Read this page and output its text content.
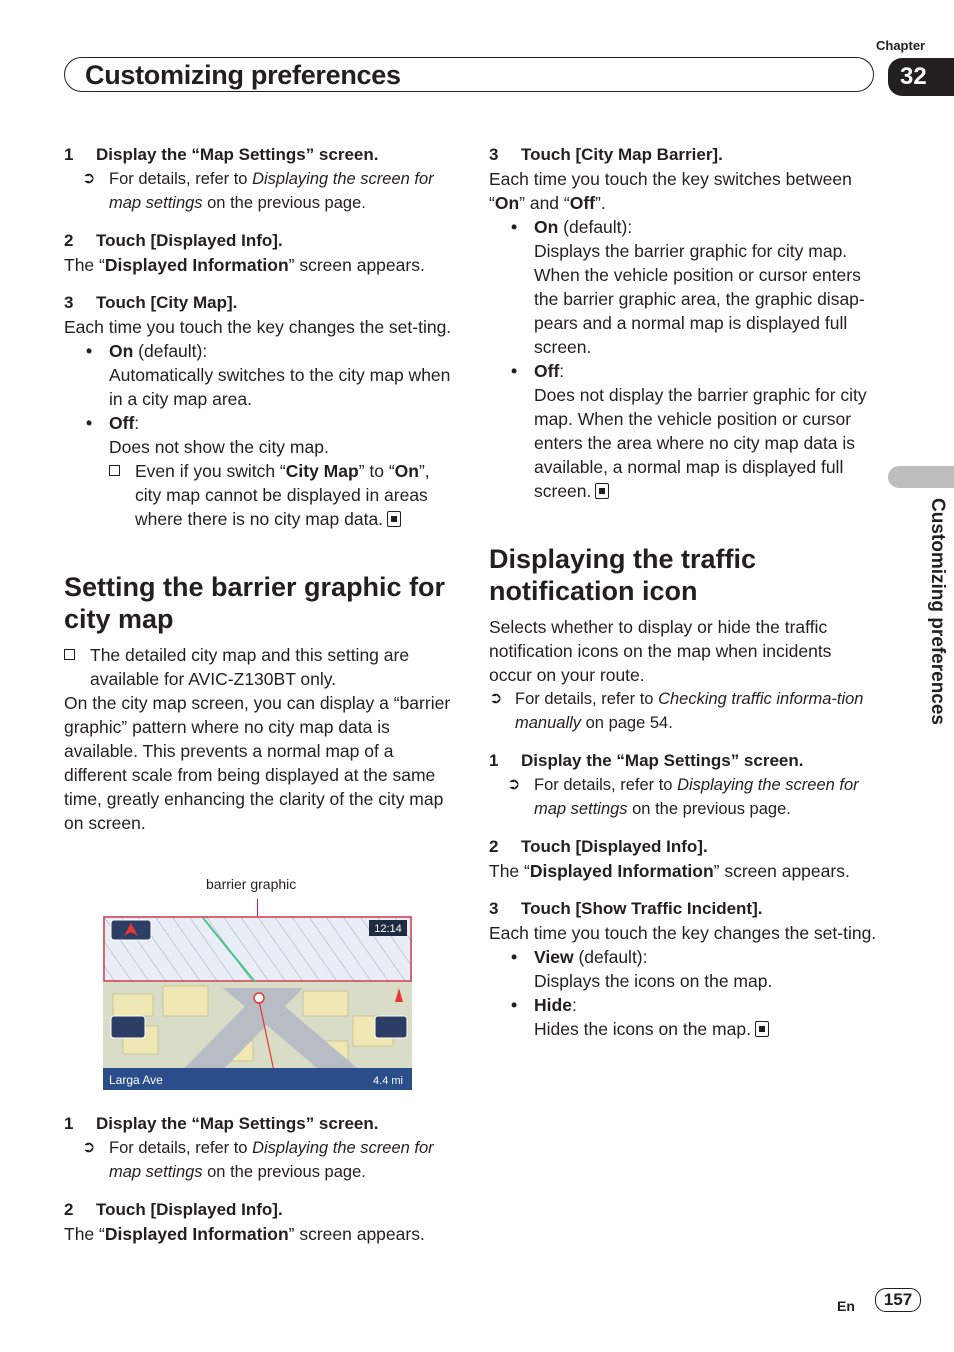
Chapter
Customizing preferences	32
Customizing preferences
1 Display the “Map Settings” screen.
➲ For details, refer to Displaying the screen for map settings on the previous page.
2 Touch [Displayed Info].
The “Displayed Information” screen appears.
3 Touch [City Map].
Each time you touch the key changes the set-ting.
• On (default):
Automatically switches to the city map when in a city map area.
• Off:
Does not show the city map.
Even if you switch “City Map” to “On”, city map cannot be displayed in areas where there is no city map data.
Setting the barrier graphic for city map
The detailed city map and this setting are available for AVIC-Z130BT only.
On the city map screen, you can display a “barrier graphic” pattern where no city map data is available. This prevents a normal map of a different scale from being displayed at the same time, greatly enhancing the clarity of the city map on screen.
barrier graphic
12:14
Larga Ave	4.4 mi
1 Display the “Map Settings” screen.
➲ For details, refer to Displaying the screen for map settings on the previous page.
2 Touch [Displayed Info].
The “Displayed Information” screen appears.
3 Touch [City Map Barrier].
Each time you touch the key switches between “On” and “Off”.
• On (default):
Displays the barrier graphic for city map. When the vehicle position or cursor enters the barrier graphic area, the graphic disap-pears and a normal map is displayed full screen.
• Off:
Does not display the barrier graphic for city map. When the vehicle position or cursor enters the area where no city map data is available, a normal map is displayed full screen.
Displaying the traffic notification icon
Selects whether to display or hide the traffic notification icons on the map when incidents occur on your route.
➲ For details, refer to Checking traffic informa-tion manually on page 54.
1 Display the “Map Settings” screen.
➲ For details, refer to Displaying the screen for map settings on the previous page.
2 Touch [Displayed Info].
The “Displayed Information” screen appears.
3 Touch [Show Traffic Incident].
Each time you touch the key changes the set-ting.
• View (default):
Displays the icons on the map.
• Hide:
Hides the icons on the map.
En	157
